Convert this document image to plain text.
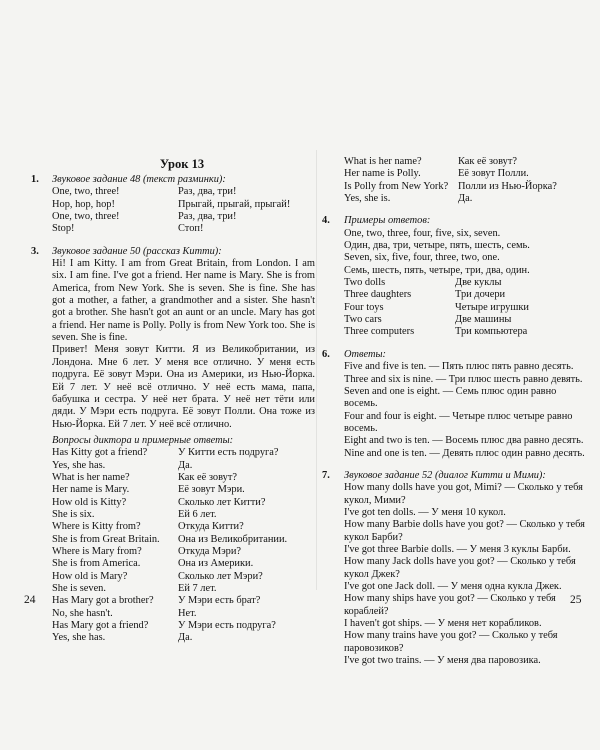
Урок 13
1. Звуковое задание 48 (текст разминки):
One, two, three!	Раз, два, три!
Hop, hop, hop!	Прыгай, прыгай, прыгай!
One, two, three!	Раз, два, три!
Stop!	Стоп!
3. Звуковое задание 50 (рассказ Китти):
Hi! I am Kitty. I am from Great Britain, from London. I am six. I am fine. I've got a friend. Her name is Mary. She is from America, from New York. She is seven. She is fine. She has got a mother, a father, a grandmother and a sister. She hasn't got a brother. She hasn't got an aunt or an uncle. Mary has got a friend. Her name is Polly. Polly is from New York too. She is seven. She is fine.
Привет! Меня зовут Китти. Я из Великобритании, из Лондона. Мне 6 лет. У меня все отлично. У меня есть подруга. Её зовут Мэри. Она из Америки, из Нью-Йорка. Ей 7 лет. У неё всё отлично. У неё есть мама, папа, бабушка и сестра. У неё нет брата. У неё нет тёти или дяди. У Мэри есть подруга. Её зовут Полли. Она тоже из Нью-Йорка. Ей 7 лет. У неё всё отлично.
Вопросы диктора и примерные ответы:
Has Kitty got a friend?	У Китти есть подруга?
Yes, she has.	Да.
What is her name?	Как её зовут?
Her name is Mary.	Её зовут Мэри.
How old is Kitty?	Сколько лет Китти?
She is six.	Ей 6 лет.
Where is Kitty from?	Откуда Китти?
She is from Great Britain.	Она из Великобритании.
Where is Mary from?	Откуда Мэри?
She is from America.	Она из Америки.
How old is Mary?	Сколько лет Мэри?
She is seven.	Ей 7 лет.
Has Mary got a brother?	У Мэри есть брат?
No, she hasn't.	Нет.
Has Mary got a friend?	У Мэри есть подруга?
Yes, she has.	Да.
What is her name?	Как её зовут?
Her name is Polly.	Её зовут Полли.
Is Polly from New York? Полли из Нью-Йорка?
Yes, she is.	Да.
4. Примеры ответов:
One, two, three, four, five, six, seven.
Один, два, три, четыре, пять, шесть, семь.
Seven, six, five, four, three, two, one.
Семь, шесть, пять, четыре, три, два, один.
Two dolls	Две куклы
Three daughters	Три дочери
Four toys	Четыре игрушки
Two cars	Две машины
Three computers	Три компьютера
6. Ответы:
Five and five is ten. — Пять плюс пять равно десять.
Three and six is nine. — Три плюс шесть равно девять.
Seven and one is eight. — Семь плюс один равно восемь.
Four and four is eight. — Четыре плюс четыре равно восемь.
Eight and two is ten. — Восемь плюс два равно десять.
Nine and one is ten. — Девять плюс один равно десять.
7. Звуковое задание 52 (диалог Китти и Мими):
How many dolls have you got, Mimi? — Сколько у тебя кукол, Мими?
I've got ten dolls. — У меня 10 кукол.
How many Barbie dolls have you got? — Сколько у тебя кукол Барби?
I've got three Barbie dolls. — У меня 3 куклы Барби.
How many Jack dolls have you got? — Сколько у тебя кукол Джек?
I've got one Jack doll. — У меня одна кукла Джек.
How many ships have you got? — Сколько у тебя кораблей?
I haven't got ships. — У меня нет корабликов.
How many trains have you got? — Сколько у тебя паровозиков?
I've got two trains. — У меня два паровозика.
24	25
